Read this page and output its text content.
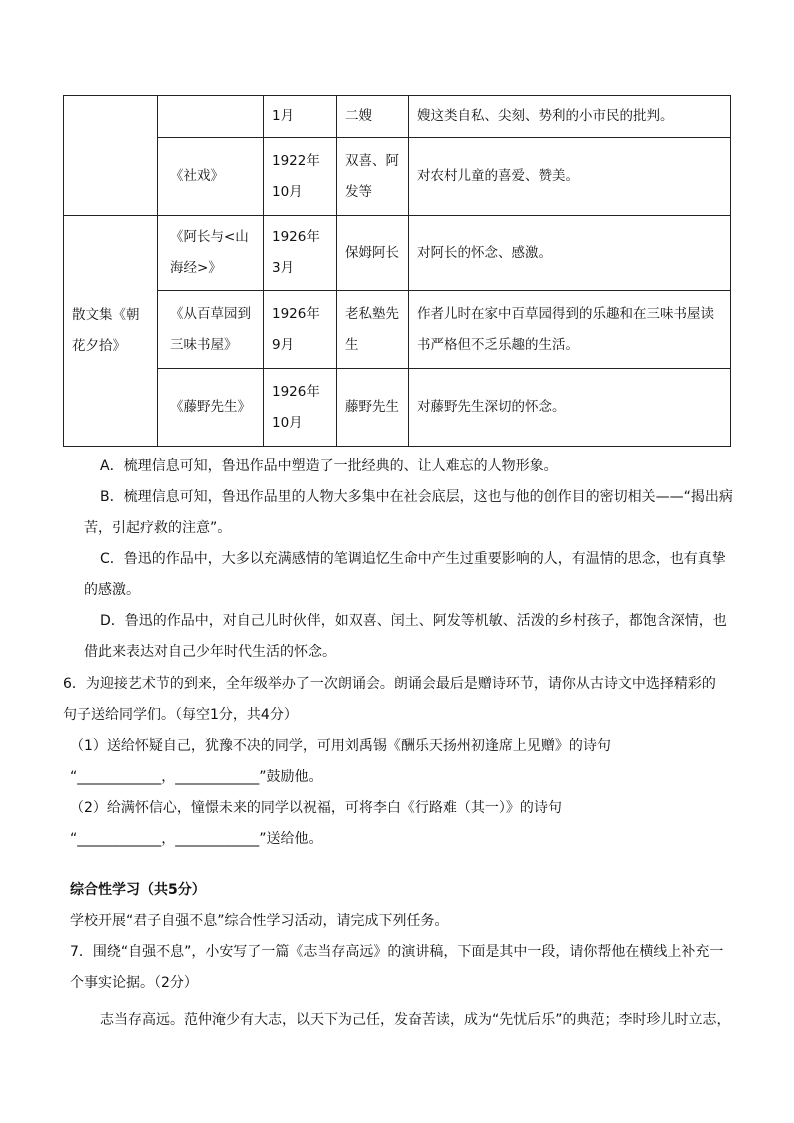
		1月	二嫂	嫂这类自私、尖刻、势利的小市民的批判。
	《社戏》	1922年10月	双喜、阿发等	对农村儿童的喜爱、赞美。
散文集《朝花夕拾》	《阿长与<山海经>》	1926年3月	保姆阿长	对阿长的怀念、感激。
	《从百草园到三味书屋》	1926年9月	老私塾先生	作者儿时在家中百草园得到的乐趣和在三味书屋读书严格但不乏乐趣的生活。
	《藤野先生》	1926年10月	藤野先生	对藤野先生深切的怀念。
A．梳理信息可知，鲁迅作品中塑造了一批经典的、让人难忘的人物形象。
B．梳理信息可知，鲁迅作品里的人物大多集中在社会底层，这也与他的创作目的密切相关——“揭出病
苦，引起疗救的注意”。
C．鲁迅的作品中，大多以充满感情的笔调追忆生命中产生过重要影响的人，有温情的思念，也有真挚
的感激。
D．鲁迅的作品中，对自己儿时伙伴，如双喜、闰土、阿发等机敏、活泼的乡村孩子，都饱含深情，也
借此来表达对自己少年时代生活的怀念。
6．为迎接艺术节的到来，全年级举办了一次朗诵会。朗诵会最后是赠诗环节，请你从古诗文中选择精彩的
句子送给同学们。（每空1分，共4分）
（1）送给怀疑自己，犹豫不决的同学，可用刘禹锡《酬乐天扬州初逢席上见赠》的诗句
“____________，____________”鼓励他。
（2）给满怀信心，憧憬未来的同学以祝福，可将李白《行路难（其一）》的诗句
“____________，____________”送给他。
综合性学习（共5分）
学校开展“君子自强不息”综合性学习活动，请完成下列任务。
7．围绕“自强不息”，小安写了一篇《志当存高远》的演讲稿，下面是其中一段，请你帮他在横线上补充一
个事实论据。（2分）
志当存高远。范仲淹少有大志，以天下为己任，发奋苦读，成为“先忧后乐”的典范；李时珍儿时立志，
